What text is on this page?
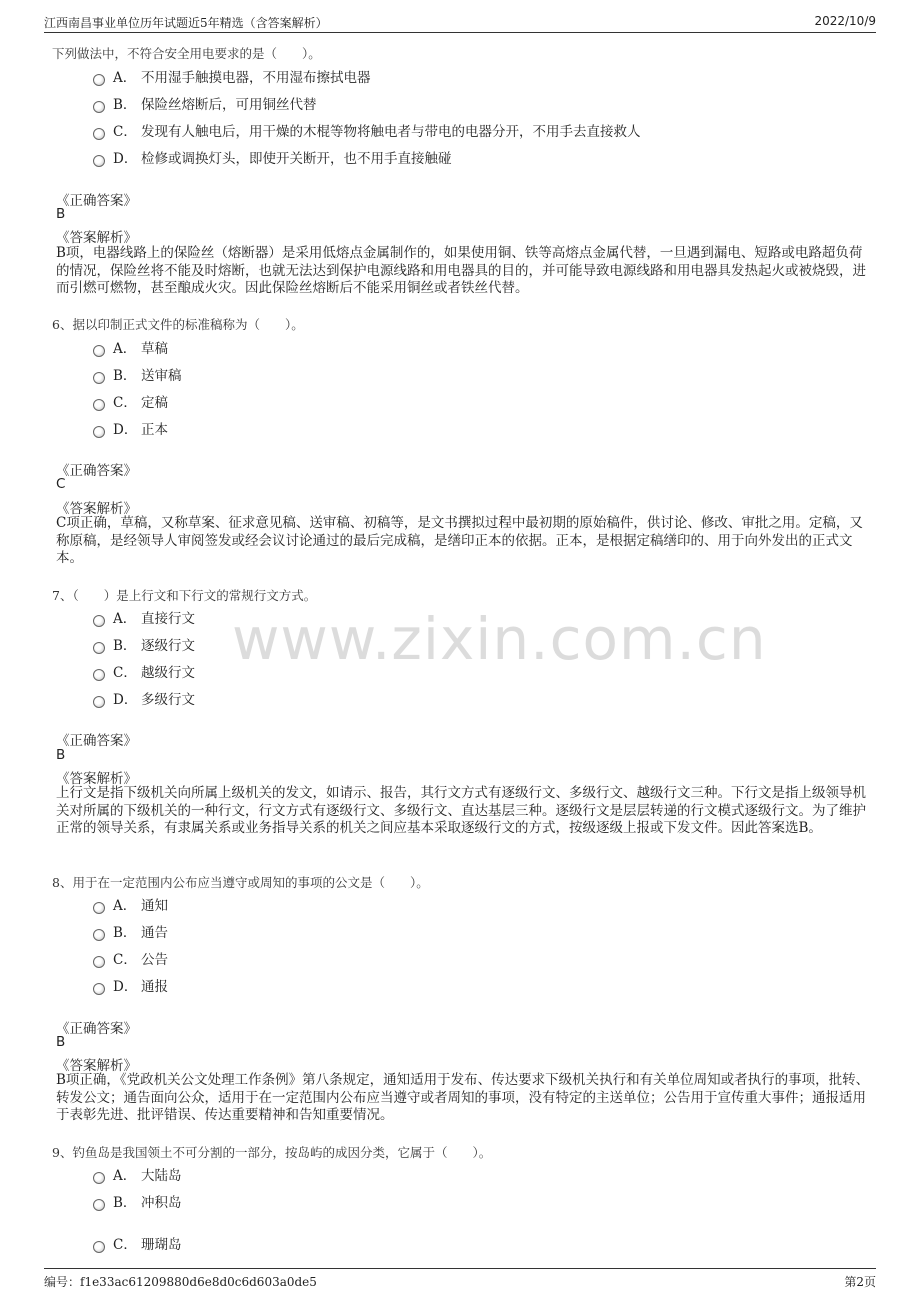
江西南昌事业单位历年试题近5年精选（含答案解析）	2022/10/9
www.zixin.com.cn
下列做法中，不符合安全用电要求的是（　　）。
A． 不用湿手触摸电器，不用湿布擦拭电器
B． 保险丝熔断后，可用铜丝代替
C． 发现有人触电后，用干燥的木棍等物将触电者与带电的电器分开，不用手去直接救人
D． 检修或调换灯头，即使开关断开，也不用手直接触碰
《正确答案》
B
《答案解析》
B项，电器线路上的保险丝（熔断器）是采用低熔点金属制作的，如果使用铜、铁等高熔点金属代替，一旦遇到漏电、短路或电路超负荷的情况，保险丝将不能及时熔断，也就无法达到保护电源线路和用电器具的目的，并可能导致电源线路和用电器具发热起火或被烧毁，进而引燃可燃物，甚至酿成火灾。因此保险丝熔断后不能采用铜丝或者铁丝代替。
6、据以印制正式文件的标准稿称为（　　）。
A． 草稿
B． 送审稿
C． 定稿
D． 正本
《正确答案》
C
《答案解析》
C项正确，草稿，又称草案、征求意见稿、送审稿、初稿等，是文书撰拟过程中最初期的原始稿件，供讨论、修改、审批之用。定稿，又称原稿，是经领导人审阅签发或经会议讨论通过的最后完成稿，是缮印正本的依据。正本，是根据定稿缮印的、用于向外发出的正式文本。
7、（　　）是上行文和下行文的常规行文方式。
A． 直接行文
B． 逐级行文
C． 越级行文
D． 多级行文
《正确答案》
B
《答案解析》
上行文是指下级机关向所属上级机关的发文，如请示、报告，其行文方式有逐级行文、多级行文、越级行文三种。下行文是指上级领导机关对所属的下级机关的一种行文，行文方式有逐级行文、多级行文、直达基层三种。逐级行文是层层转递的行文模式逐级行文。为了维护正常的领导关系，有隶属关系或业务指导关系的机关之间应基本采取逐级行文的方式，按级逐级上报或下发文件。因此答案选B。
8、用于在一定范围内公布应当遵守或周知的事项的公文是（　　）。
A． 通知
B． 通告
C． 公告
D． 通报
《正确答案》
B
《答案解析》
B项正确，《党政机关公文处理工作条例》第八条规定，通知适用于发布、传达要求下级机关执行和有关单位周知或者执行的事项，批转、转发公文；通告面向公众，适用于在一定范围内公布应当遵守或者周知的事项，没有特定的主送单位；公告用于宣传重大事件；通报适用于表彰先进、批评错误、传达重要精神和告知重要情况。
9、钓鱼岛是我国领土不可分割的一部分，按岛屿的成因分类，它属于（　　）。
A． 大陆岛
B． 冲积岛
C． 珊瑚岛
编号：f1e33ac61209880d6e8d0c6d603a0de5	第2页
